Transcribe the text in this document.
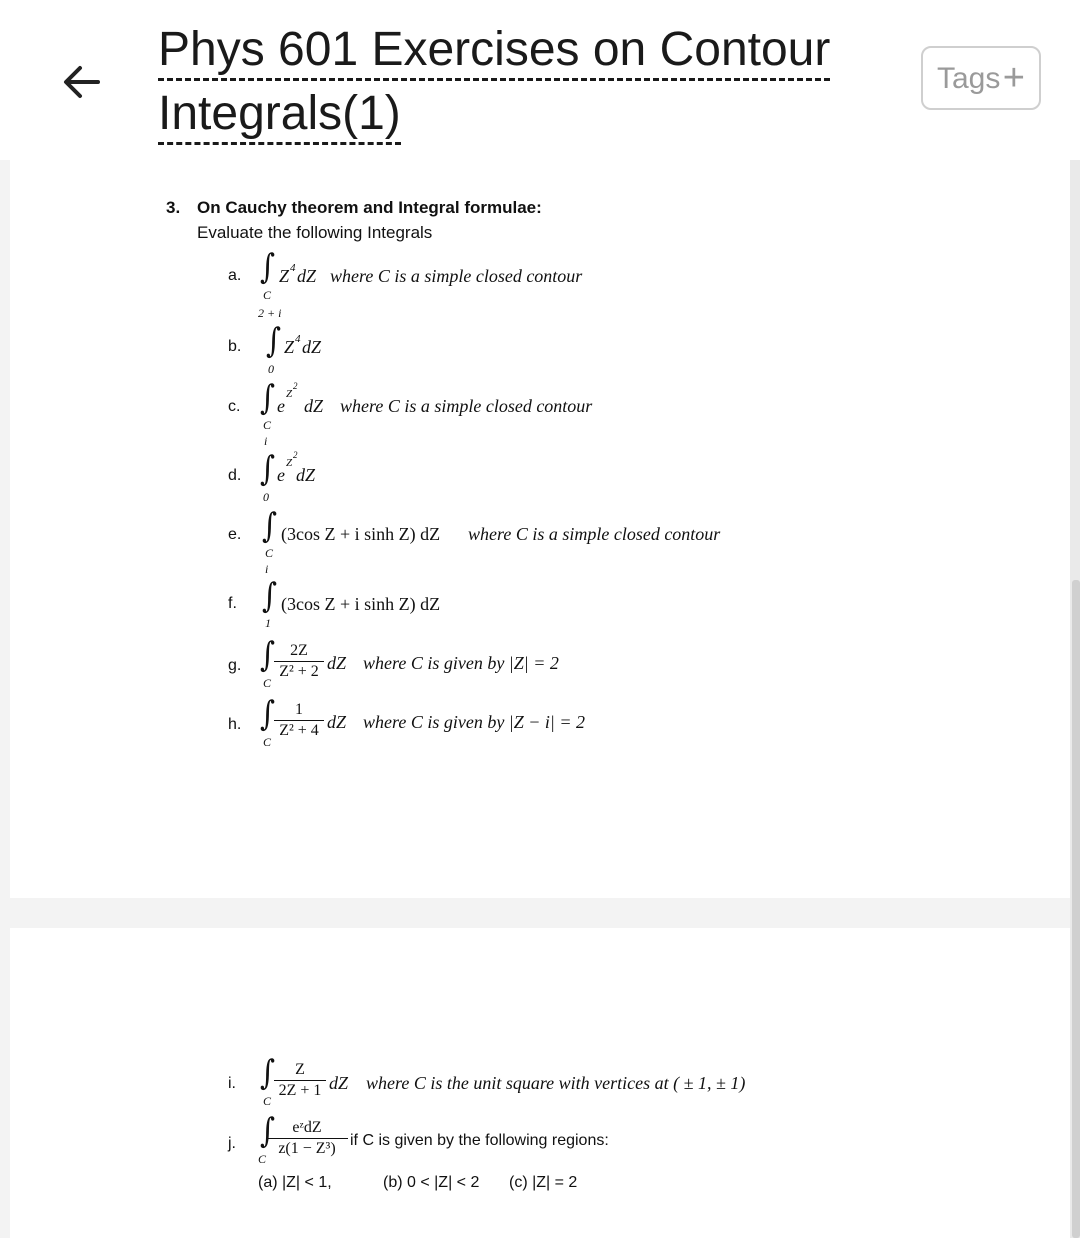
Phys 601 Exercises on Contour
Integrals(1)
Tags +
3. On Cauchy theorem and Integral formulae:
Evaluate the following Integrals
a. ∫
C
Z 4 dZ where C is a simple closed contour
b.
2 + i
∫
0
Z 4 dZ
c. ∫
C
e
Z
2
dZ where C is a simple closed contour
d.
i
∫
0
e
Z
2
dZ
e. ∫
C
(3cos Z + i sinh Z) dZ where C is a simple closed contour
f.
i
∫
1
(3cos Z + i sinh Z) dZ
g. ∫
C
$\frac{2Z}{\text{Z² + 2}}$ dZ where C is given by |Z| = 2
h. ∫
C
$\frac{1}{\text{Z² + 4}}$ dZ where C is given by |Z − i| = 2
i. ∫
C $\frac{Z}{2Z + 1}$ dZ where C is the unit square with vertices at ( ± 1, ± 1)
j. ∫
C
eᶻdZ
z(1 − Z³) if C is given by the following regions:
(a) |Z| < 1,	(b) 0 < |Z| < 2 (c) |Z| = 2
